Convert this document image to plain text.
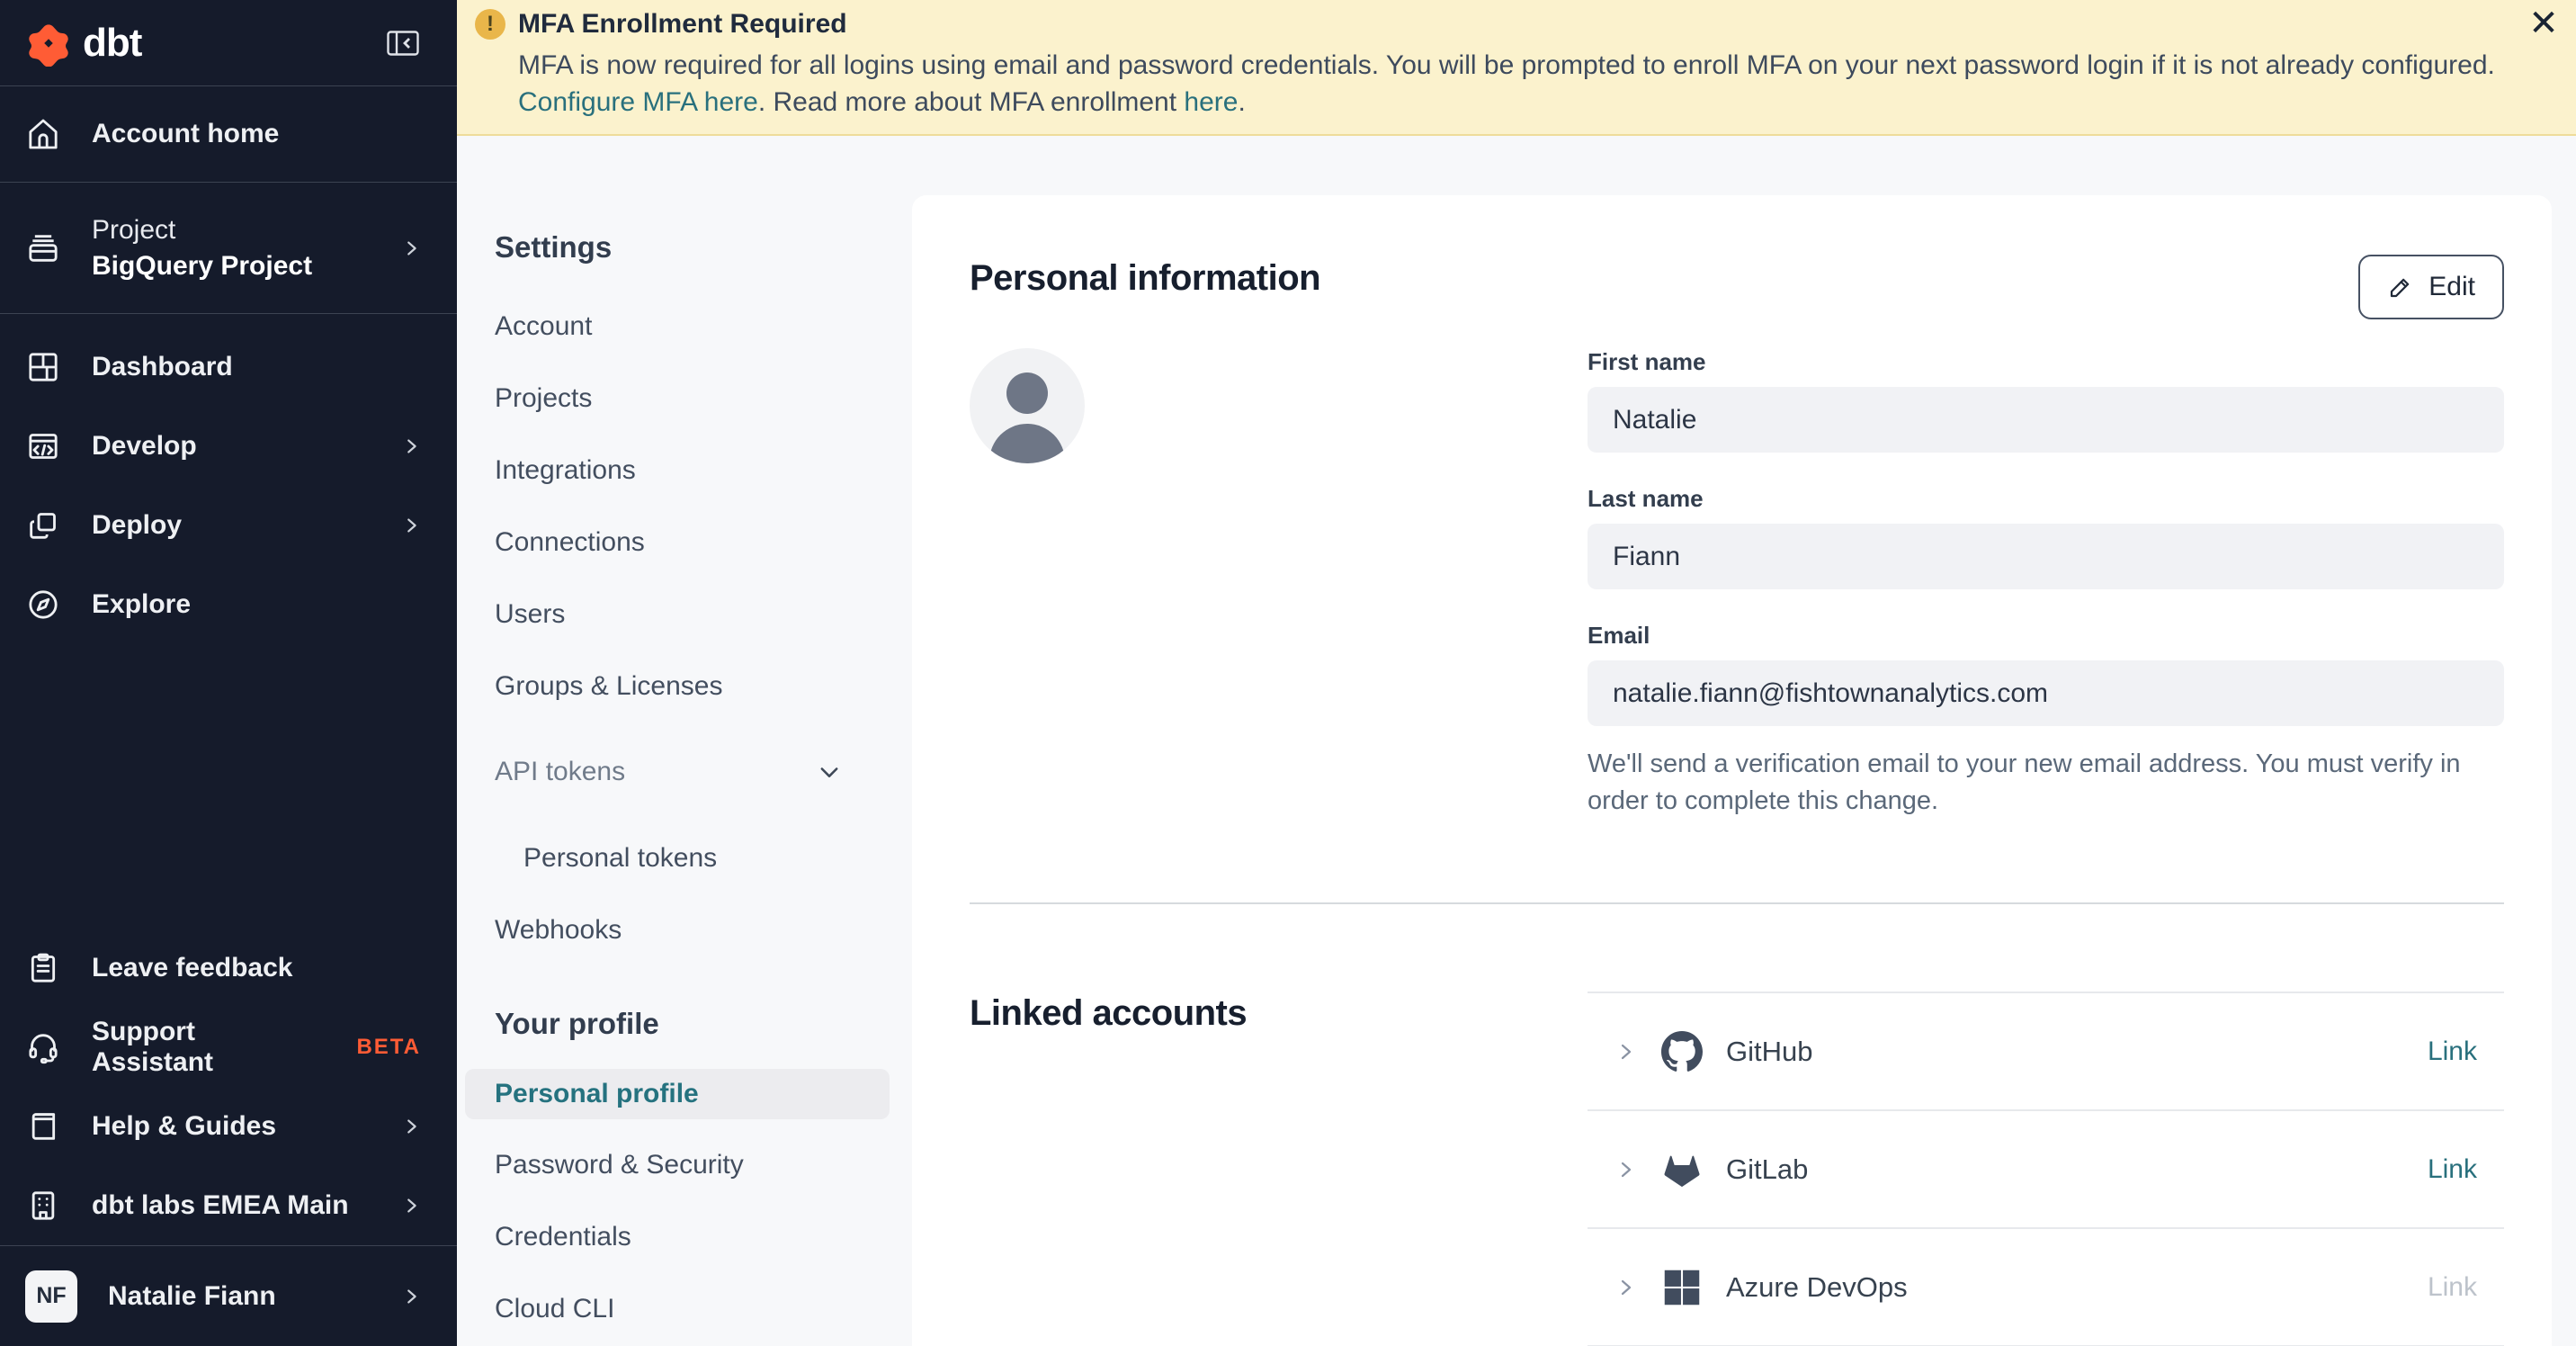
dbt
Account home
Project
BigQuery Project
Dashboard
Develop
Deploy
Explore
Leave feedback
Support Assistant
BETA
Help & Guides
dbt labs EMEA Main
NF	Natalie Fiann
! MFA Enrollment Required
MFA is now required for all logins using email and password credentials. You will be prompted to enroll MFA on your next password login if it is not already configured. Configure MFA here. Read more about MFA enrollment here.
✕
Settings
Account
Projects
Integrations
Connections
Users
Groups & Licenses
API tokens
Personal tokens
Webhooks
Your profile
Personal profile
Password & Security
Credentials
Cloud CLI
Personal information	Edit
First name
Natalie
Last name
Fiann
Email
natalie.fiann@fishtownanalytics.com
We'll send a verification email to your new email address. You must verify in order to complete this change.
Linked accounts
GitHub	Link
GitLab	Link
Azure DevOps	Link
